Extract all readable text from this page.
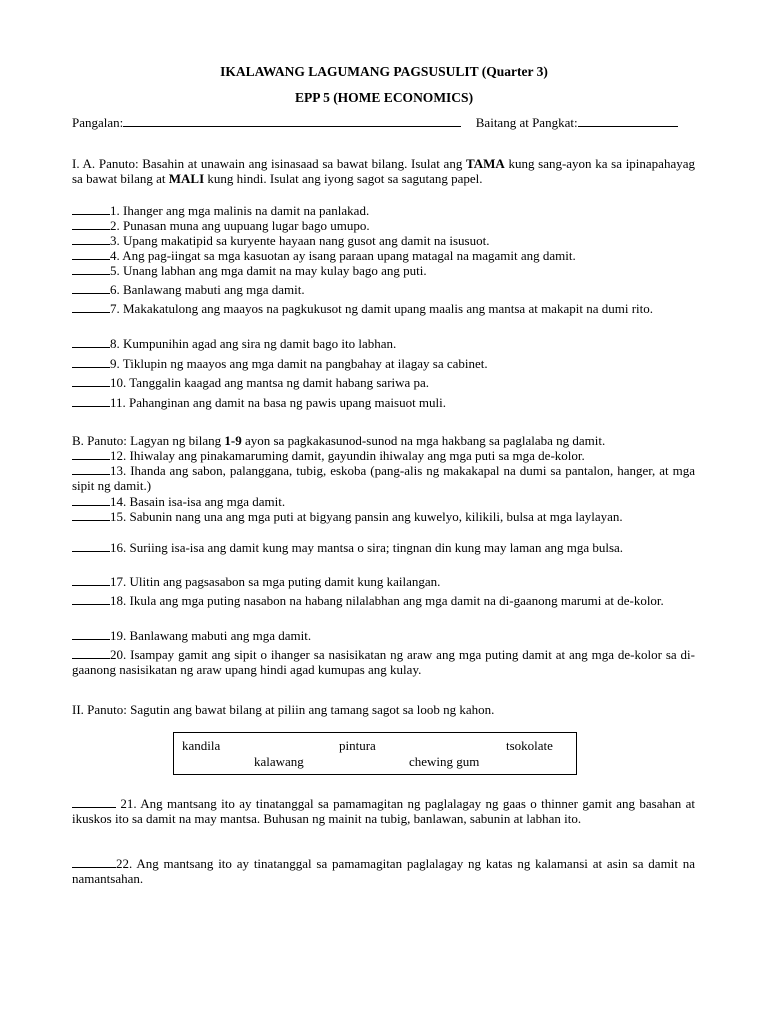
IKALAWANG LAGUMANG PAGSUSULIT (Quarter 3)
EPP 5 (HOME ECONOMICS)
Pangalan:	Baitang at Pangkat:
I. A. Panuto: Basahin at unawain ang isinasaad sa bawat bilang. Isulat ang TAMA kung sang-ayon ka sa ipinapahayag sa bawat bilang at MALI kung hindi. Isulat ang iyong sagot sa sagutang papel.
1. Ihanger ang mga malinis na damit na panlakad.
2. Punasan muna ang uupuang lugar bago umupo.
3. Upang makatipid sa kuryente hayaan nang gusot ang damit na isusuot.
4. Ang pag-iingat sa mga kasuotan ay isang paraan upang matagal na magamit ang damit.
5. Unang labhan ang mga damit na may kulay bago ang puti.
6. Banlawang mabuti ang mga damit.
7. Makakatulong ang maayos na pagkukusot ng damit upang maalis ang mantsa at makapit na dumi rito.
8. Kumpunihin agad ang sira ng damit bago ito labhan.
9. Tiklupin ng maayos ang mga damit na pangbahay at ilagay sa cabinet.
10. Tanggalin kaagad ang mantsa ng damit habang sariwa pa.
11. Pahanginan ang damit na basa ng pawis upang maisuot muli.
B. Panuto: Lagyan ng bilang 1-9 ayon sa pagkakasunod-sunod na mga hakbang sa paglalaba ng damit.
12. Ihiwalay ang pinakamaruming damit, gayundin ihiwalay ang mga puti sa mga de-kolor.
13. Ihanda ang sabon, palanggana, tubig, eskoba (pang-alis ng makakapal na dumi sa pantalon, hanger, at mga sipit ng damit.)
14. Basain isa-isa ang mga damit.
15. Sabunin nang una ang mga puti at bigyang pansin ang kuwelyo, kilikili, bulsa at mga laylayan.
16. Suriing isa-isa ang damit kung may mantsa o sira; tingnan din kung may laman ang mga bulsa.
17. Ulitin ang pagsasabon sa mga puting damit kung kailangan.
18. Ikula ang mga puting nasabon na habang nilalabhan ang mga damit na di-gaanong marumi at de-kolor.
19. Banlawang mabuti ang mga damit.
20. Isampay gamit ang sipit o ihanger sa nasisikatan ng araw ang mga puting damit at ang mga de-kolor sa di-gaanong nasisikatan ng araw upang hindi agad kumupas ang kulay.
II. Panuto: Sagutin ang bawat bilang at piliin ang tamang sagot sa loob ng kahon.
kandila	pintura	tsokolate
kalawang	chewing gum
21. Ang mantsang ito ay tinatanggal sa pamamagitan ng paglalagay ng gaas o thinner gamit ang basahan at ikuskos ito sa damit na may mantsa. Buhusan ng mainit na tubig, banlawan, sabunin at labhan ito.
22. Ang mantsang ito ay tinatanggal sa pamamagitan paglalagay ng katas ng kalamansi at asin sa damit na namantsahan.
